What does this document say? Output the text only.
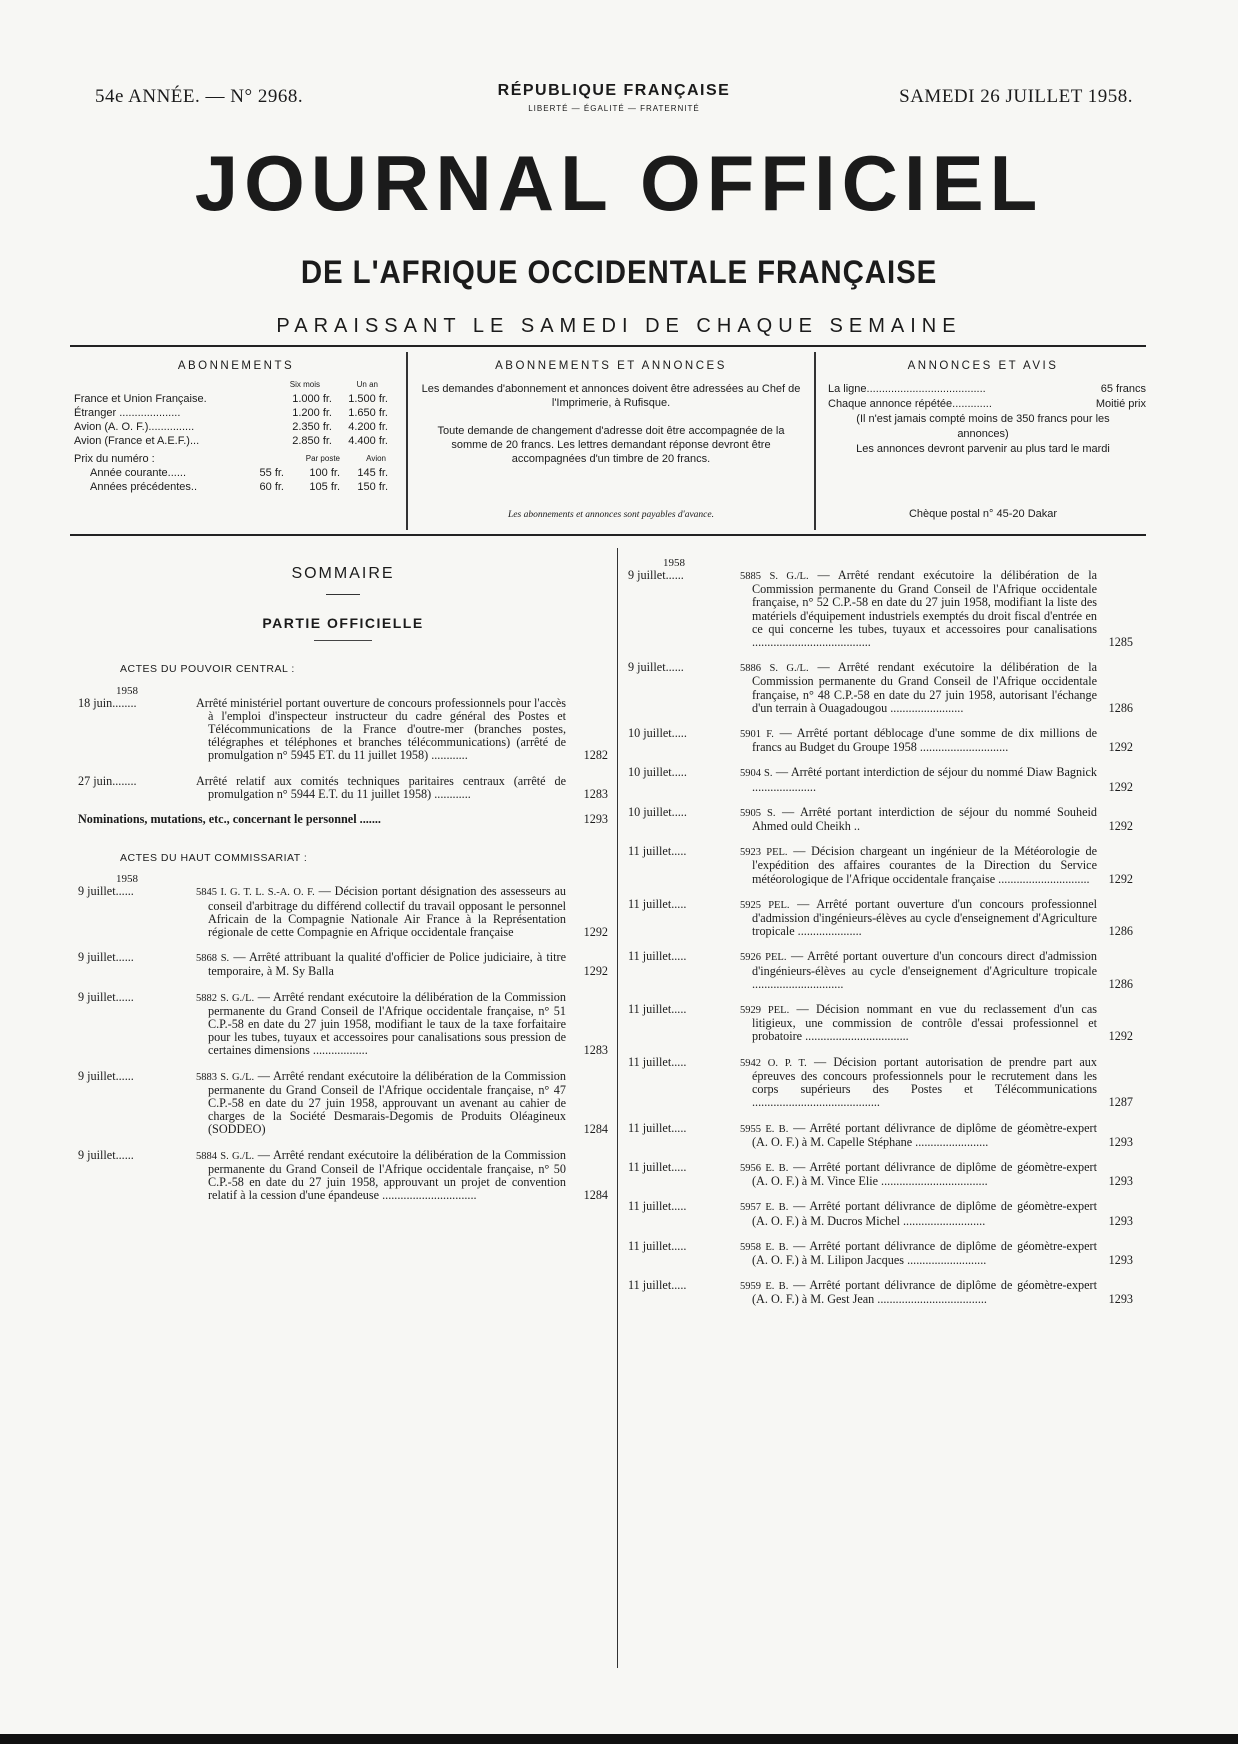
54e ANNÉE. — N° 2968.	RÉPUBLIQUE FRANÇAISE
LIBERTÉ — ÉGALITÉ — FRATERNITÉ
SAMEDI 26 JUILLET 1958.
JOURNAL OFFICIEL
DE L'AFRIQUE OCCIDENTALE FRANÇAISE
PARAISSANT LE SAMEDI DE CHAQUE SEMAINE
ABONNEMENTS
Six mois	Un an
France et Union Française.	1.000 fr. 1.500 fr.
Étranger ....................	1.200 fr. 1.650 fr.
Avion (A. O. F.)...............	2.350 fr. 4.200 fr.
Avion (France et A.E.F.)...	2.850 fr. 4.400 fr.
Prix du numéro :	Par poste	Avion
Année courante......	55 fr. 100 fr. 145 fr.
Années précédentes..	60 fr. 105 fr. 150 fr.
ABONNEMENTS ET ANNONCES

Les demandes d'abonnement et annonces doivent être adressées au Chef de l'Imprimerie, à Rufisque.

Toute demande de changement d'adresse doit être accompagnée de la somme de 20 francs. Les lettres demandant réponse devront être accompagnées d'un timbre de 20 francs.

Les abonnements et annonces sont payables d'avance.
ANNONCES ET AVIS
La ligne.......................................	65 francs
Chaque annonce répétée.............	Moitié prix
(Il n'est jamais compté moins de 350 francs pour les annonces)
Les annonces devront parvenir au plus tard le mardi
Chèque postal n° 45-20 Dakar
SOMMAIRE
PARTIE OFFICIELLE
ACTES DU POUVOIR CENTRAL :
1958
18 juin........	Arrêté ministériel portant ouverture de concours professionnels pour l'accès à l'emploi d'inspecteur instructeur du cadre général des Postes et Télécommunications de la France d'outre-mer (branches postes, télégraphes et téléphones et branches télécommunications) (arrêté de promulgation n° 5945 ET. du 11 juillet 1958) ............	1282
27 juin........	Arrêté relatif aux comités techniques paritaires centraux (arrêté de promulgation n° 5944 E.T. du 11 juillet 1958) ............	1283
Nominations, mutations, etc., concernant le personnel .......	1293
ACTES DU HAUT COMMISSARIAT :
1958
9 juillet......	5845 I. G. T. L. S.-A. O. F. — Décision portant désignation des assesseurs au conseil d'arbitrage du différend collectif du travail opposant le personnel Africain de la Compagnie Nationale Air France à la Représentation régionale de cette Compagnie en Afrique occidentale française	1292
9 juillet......	5868 S. — Arrêté attribuant la qualité d'officier de Police judiciaire, à titre temporaire, à M. Sy Balla	1292
9 juillet......	5882 S. G./L. — Arrêté rendant exécutoire la délibération de la Commission permanente du Grand Conseil de l'Afrique occidentale française, n° 51 C.P.-58 en date du 27 juin 1958, modifiant le taux de la taxe forfaitaire pour les tubes, tuyaux et accessoires pour canalisations sous pression de certaines dimensions ..................	1283
9 juillet......	5883 S. G./L. — Arrêté rendant exécutoire la délibération de la Commission permanente du Grand Conseil de l'Afrique occidentale française, n° 47 C.P.-58 en date du 27 juin 1958, approuvant un avenant au cahier de charges de la Société Desmarais-Degomis de Produits Oléagineux (SODDEO)	1284
9 juillet......	5884 S. G./L. — Arrêté rendant exécutoire la délibération de la Commission permanente du Grand Conseil de l'Afrique occidentale française, n° 50 C.P.-58 en date du 27 juin 1958, approuvant un projet de convention relatif à la cession d'une épandeuse ...............................	1284
1958
9 juillet......	5885 S. G./L. — Arrêté rendant exécutoire la délibération de la Commission permanente du Grand Conseil de l'Afrique occidentale française, n° 52 C.P.-58 en date du 27 juin 1958, modifiant la liste des matériels d'équipement industriels exemptés du droit fiscal d'entrée en ce qui concerne les tubes, tuyaux et accessoires pour canalisations .......................................	1285
9 juillet......	5886 S. G./L. — Arrêté rendant exécutoire la délibération de la Commission permanente du Grand Conseil de l'Afrique occidentale française, n° 48 C.P.-58 en date du 27 juin 1958, autorisant l'échange d'un terrain à Ouagadougou ........................	1286
10 juillet.....	5901 F. — Arrêté portant déblocage d'une somme de dix millions de francs au Budget du Groupe 1958 .............................	1292
10 juillet.....	5904 S. — Arrêté portant interdiction de séjour du nommé Diaw Bagnick .....................	1292
10 juillet.....	5905 S. — Arrêté portant interdiction de séjour du nommé Souheid Ahmed ould Cheikh ..	1292
11 juillet.....	5923 PEL. — Décision chargeant un ingénieur de la Météorologie de l'expédition des affaires courantes de la Direction du Service météorologique de l'Afrique occidentale française ..............................	1292
11 juillet.....	5925 PEL. — Arrêté portant ouverture d'un concours professionnel d'admission d'ingénieurs-élèves au cycle d'enseignement d'Agriculture tropicale .....................	1286
11 juillet.....	5926 PEL. — Arrêté portant ouverture d'un concours direct d'admission d'ingénieurs-élèves au cycle d'enseignement d'Agriculture tropicale ..............................	1286
11 juillet.....	5929 PEL. — Décision nommant en vue du reclassement d'un cas litigieux, une commission de contrôle d'essai professionnel et probatoire ..................................	1292
11 juillet.....	5942 O. P. T. — Décision portant autorisation de prendre part aux épreuves des concours professionnels pour le recrutement dans les corps supérieurs des Postes et Télécommunications ..........................................	1287
11 juillet.....	5955 E. B. — Arrêté portant délivrance de diplôme de géomètre-expert (A. O. F.) à M. Capelle Stéphane ........................	1293
11 juillet.....	5956 E. B. — Arrêté portant délivrance de diplôme de géomètre-expert (A. O. F.) à M. Vince Elie ...................................	1293
11 juillet.....	5957 E. B. — Arrêté portant délivrance de diplôme de géomètre-expert (A. O. F.) à M. Ducros Michel ...........................	1293
11 juillet.....	5958 E. B. — Arrêté portant délivrance de diplôme de géomètre-expert (A. O. F.) à M. Lilipon Jacques ..........................	1293
11 juillet.....	5959 E. B. — Arrêté portant délivrance de diplôme de géomètre-expert (A. O. F.) à M. Gest Jean ....................................	1293
